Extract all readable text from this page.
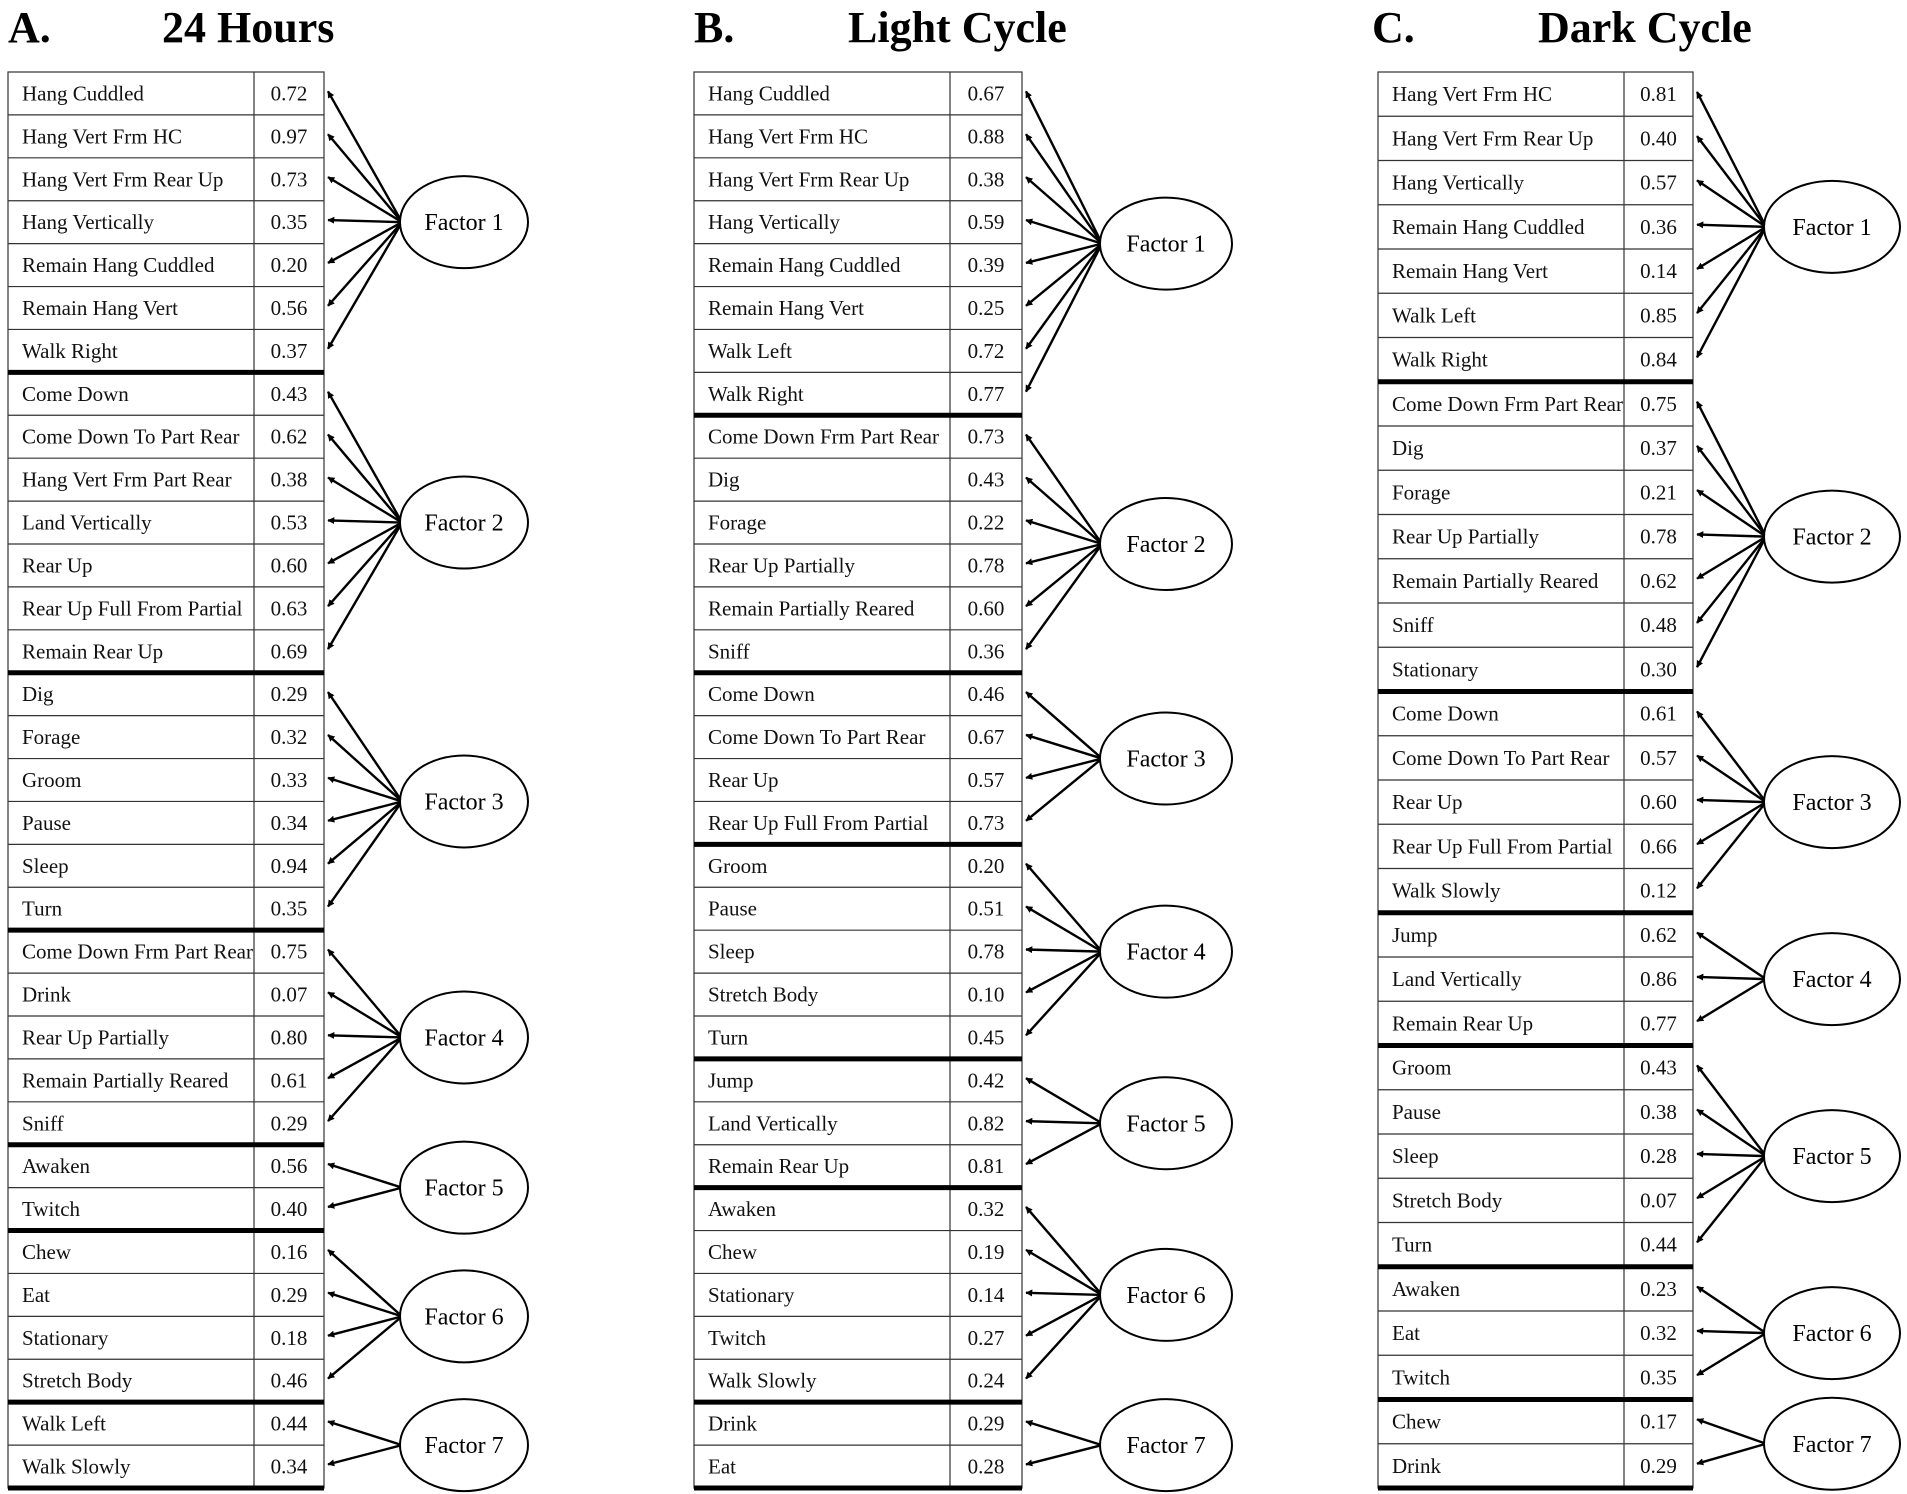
A.	24 Hours	B.	Light Cycle	C.	Dark Cycle
Hang Cuddled	0.72
Hang Vert Frm HC	0.97
Hang Vert Frm Rear Up 0.73
Hang Vertically	0.35
Remain Hang Cuddled	0.20
Remain Hang Vert	0.56
Walk Right	0.37
Factor 1
Come Down	0.43
Come Down To Part Rear 0.62
Hang Vert Frm Part Rear 0.38
Land Vertically	0.53
Rear Up	0.60
Rear Up Full From Partial 0.63
Remain Rear Up	0.69
Factor 2
Dig	0.29
Forage	0.32
Groom	0.33
Pause	0.34
Sleep	0.94
Turn	0.35
Factor 3
Come Down Frm Part Rear 0.75
Drink	0.07
Rear Up Partially	0.80
Remain Partially Reared 0.61
Sniff	0.29
Factor 4
Awaken	0.56
Twitch	0.40
Factor 5
Chew	0.16
Eat	0.29
Stationary	0.18
Stretch Body	0.46
Factor 6
Walk Left	0.44
Walk Slowly	0.34
Factor 7
Hang Cuddled	0.67
Hang Vert Frm HC	0.88
Hang Vert Frm Rear Up	0.38
Hang Vertically	0.59
Remain Hang Cuddled	0.39
Remain Hang Vert	0.25
Walk Left	0.72
Walk Right	0.77
Factor 1
Come Down Frm Part Rear 0.73
Dig	0.43
Forage	0.22
Rear Up Partially	0.78
Remain Partially Reared	0.60
Sniff	0.36
Factor 2
Come Down	0.46
Come Down To Part Rear 0.67
Rear Up	0.57
Rear Up Full From Partial 0.73
Factor 3
Groom	0.20
Pause	0.51
Sleep	0.78
Stretch Body	0.10
Turn	0.45
Factor 4
Jump	0.42
Land Vertically	0.82
Remain Rear Up	0.81
Factor 5
Awaken	0.32
Chew	0.19
Stationary	0.14
Twitch	0.27
Walk Slowly	0.24
Factor 6
Drink	0.29
Eat	0.28
Factor 7
Hang Vert Frm HC	0.81
Hang Vert Frm Rear Up 0.40
Hang Vertically	0.57
Remain Hang Cuddled	0.36
Remain Hang Vert	0.14
Walk Left	0.85
Walk Right	0.84
Factor 1
Come Down Frm Part Rear 0.75
Dig	0.37
Forage	0.21
Rear Up Partially	0.78
Remain Partially Reared 0.62
Sniff	0.48
Stationary	0.30
Factor 2
Come Down	0.61
Come Down To Part Rear 0.57
Rear Up	0.60
Rear Up Full From Partial 0.66
Walk Slowly	0.12
Factor 3
Jump	0.62
Land Vertically	0.86
Remain Rear Up	0.77
Factor 4
Groom	0.43
Pause	0.38
Sleep	0.28
Stretch Body	0.07
Turn	0.44
Factor 5
Awaken	0.23
Eat	0.32
Twitch	0.35
Factor 6
Chew	0.17
Drink	0.29
Factor 7
